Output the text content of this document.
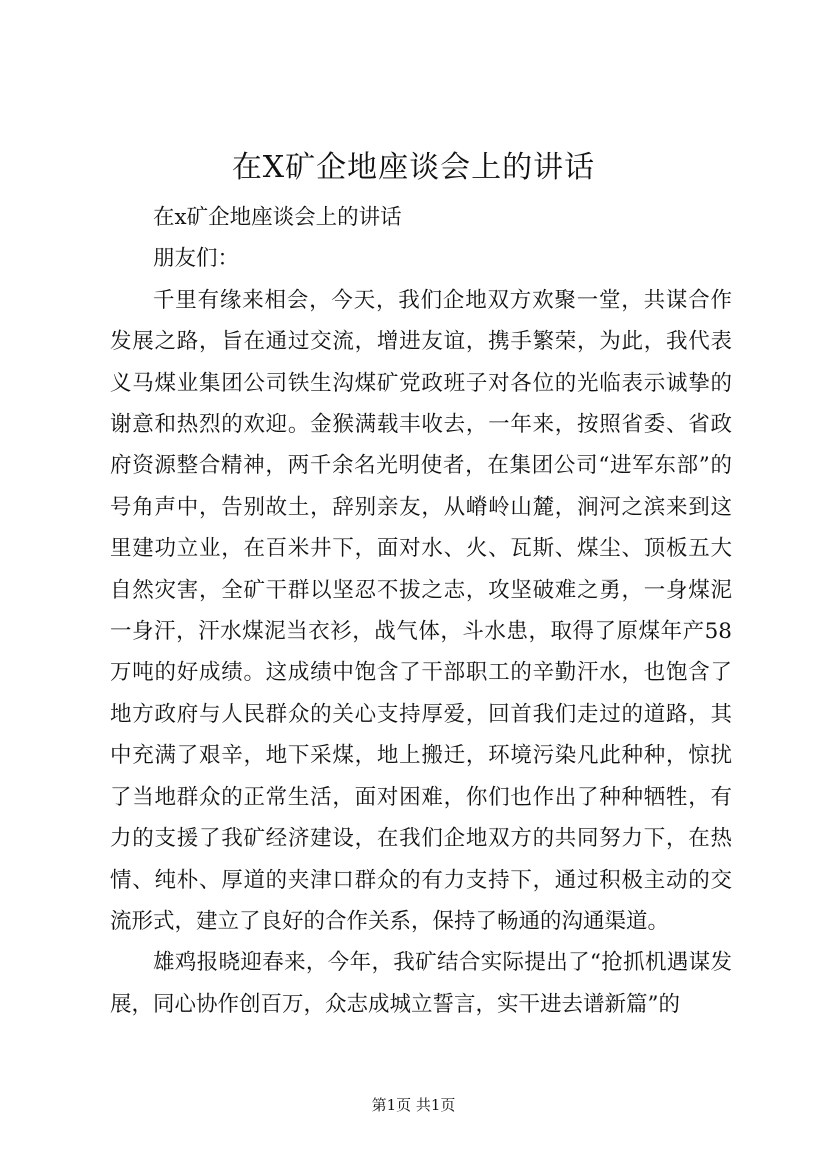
在X矿企地座谈会上的讲话

在x矿企地座谈会上的讲话

朋友们：

千里有缘来相会，今天，我们企地双方欢聚一堂，共谋合作发展之路，旨在通过交流，增进友谊，携手繁荣，为此，我代表义马煤业集团公司铁生沟煤矿党政班子对各位的光临表示诚挚的谢意和热烈的欢迎。金猴满载丰收去，一年来，按照省委、省政府资源整合精神，两千余名光明使者，在集团公司“进军东部”的号角声中，告别故土，辞别亲友，从嵴岭山麓，涧河之滨来到这里建功立业，在百米井下，面对水、火、瓦斯、煤尘、顶板五大自然灾害，全矿干群以坚忍不拔之志，攻坚破难之勇，一身煤泥一身汗，汗水煤泥当衣衫，战气体，斗水患，取得了原煤年产58万吨的好成绩。这成绩中饱含了干部职工的辛勤汗水，也饱含了地方政府与人民群众的关心支持厚爱，回首我们走过的道路，其中充满了艰辛，地下采煤，地上搬迁，环境污染凡此种种，惊扰了当地群众的正常生活，面对困难，你们也作出了种种牺牲，有力的支援了我矿经济建设，在我们企地双方的共同努力下，在热情、纯朴、厚道的夹津口群众的有力支持下，通过积极主动的交流形式，建立了良好的合作关系，保持了畅通的沟通渠道。

雄鸡报晓迎春来，今年，我矿结合实际提出了“抢抓机遇谋发展，同心协作创百万，众志成城立誓言，实干进去谱新篇”的

第1页 共1页
